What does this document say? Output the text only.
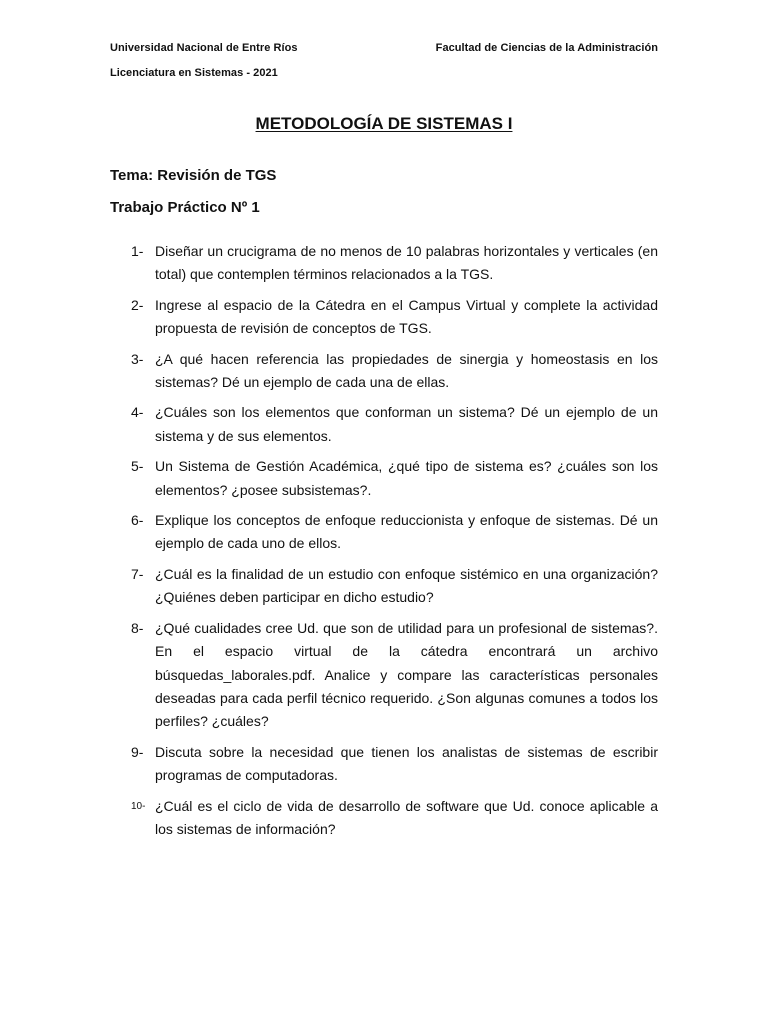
Universidad Nacional de Entre Ríos	Facultad de Ciencias de la Administración
Licenciatura en Sistemas - 2021
METODOLOGÍA DE SISTEMAS I
Tema: Revisión de TGS
Trabajo Práctico Nº 1
1- Diseñar un crucigrama de no menos de 10 palabras horizontales y verticales (en total) que contemplen términos relacionados a la TGS.
2- Ingrese al espacio de la Cátedra en el Campus Virtual y complete la actividad propuesta de revisión de conceptos de TGS.
3- ¿A qué hacen referencia las propiedades de sinergia y homeostasis en los sistemas? Dé un ejemplo de cada una de ellas.
4- ¿Cuáles son los elementos que conforman un sistema? Dé un ejemplo de un sistema y de sus elementos.
5- Un Sistema de Gestión Académica, ¿qué tipo de sistema es? ¿cuáles son los elementos? ¿posee subsistemas?.
6- Explique los conceptos de enfoque reduccionista y enfoque de sistemas. Dé un ejemplo de cada uno de ellos.
7- ¿Cuál es la finalidad de un estudio con enfoque sistémico en una organización? ¿Quiénes deben participar en dicho estudio?
8- ¿Qué cualidades cree Ud. que son de utilidad para un profesional de sistemas?. En el espacio virtual de la cátedra encontrará un archivo búsquedas_laborales.pdf. Analice y compare las características personales deseadas para cada perfil técnico requerido. ¿Son algunas comunes a todos los perfiles? ¿cuáles?
9- Discuta sobre la necesidad que tienen los analistas de sistemas de escribir programas de computadoras.
10- ¿Cuál es el ciclo de vida de desarrollo de software que Ud. conoce aplicable a los sistemas de información?
